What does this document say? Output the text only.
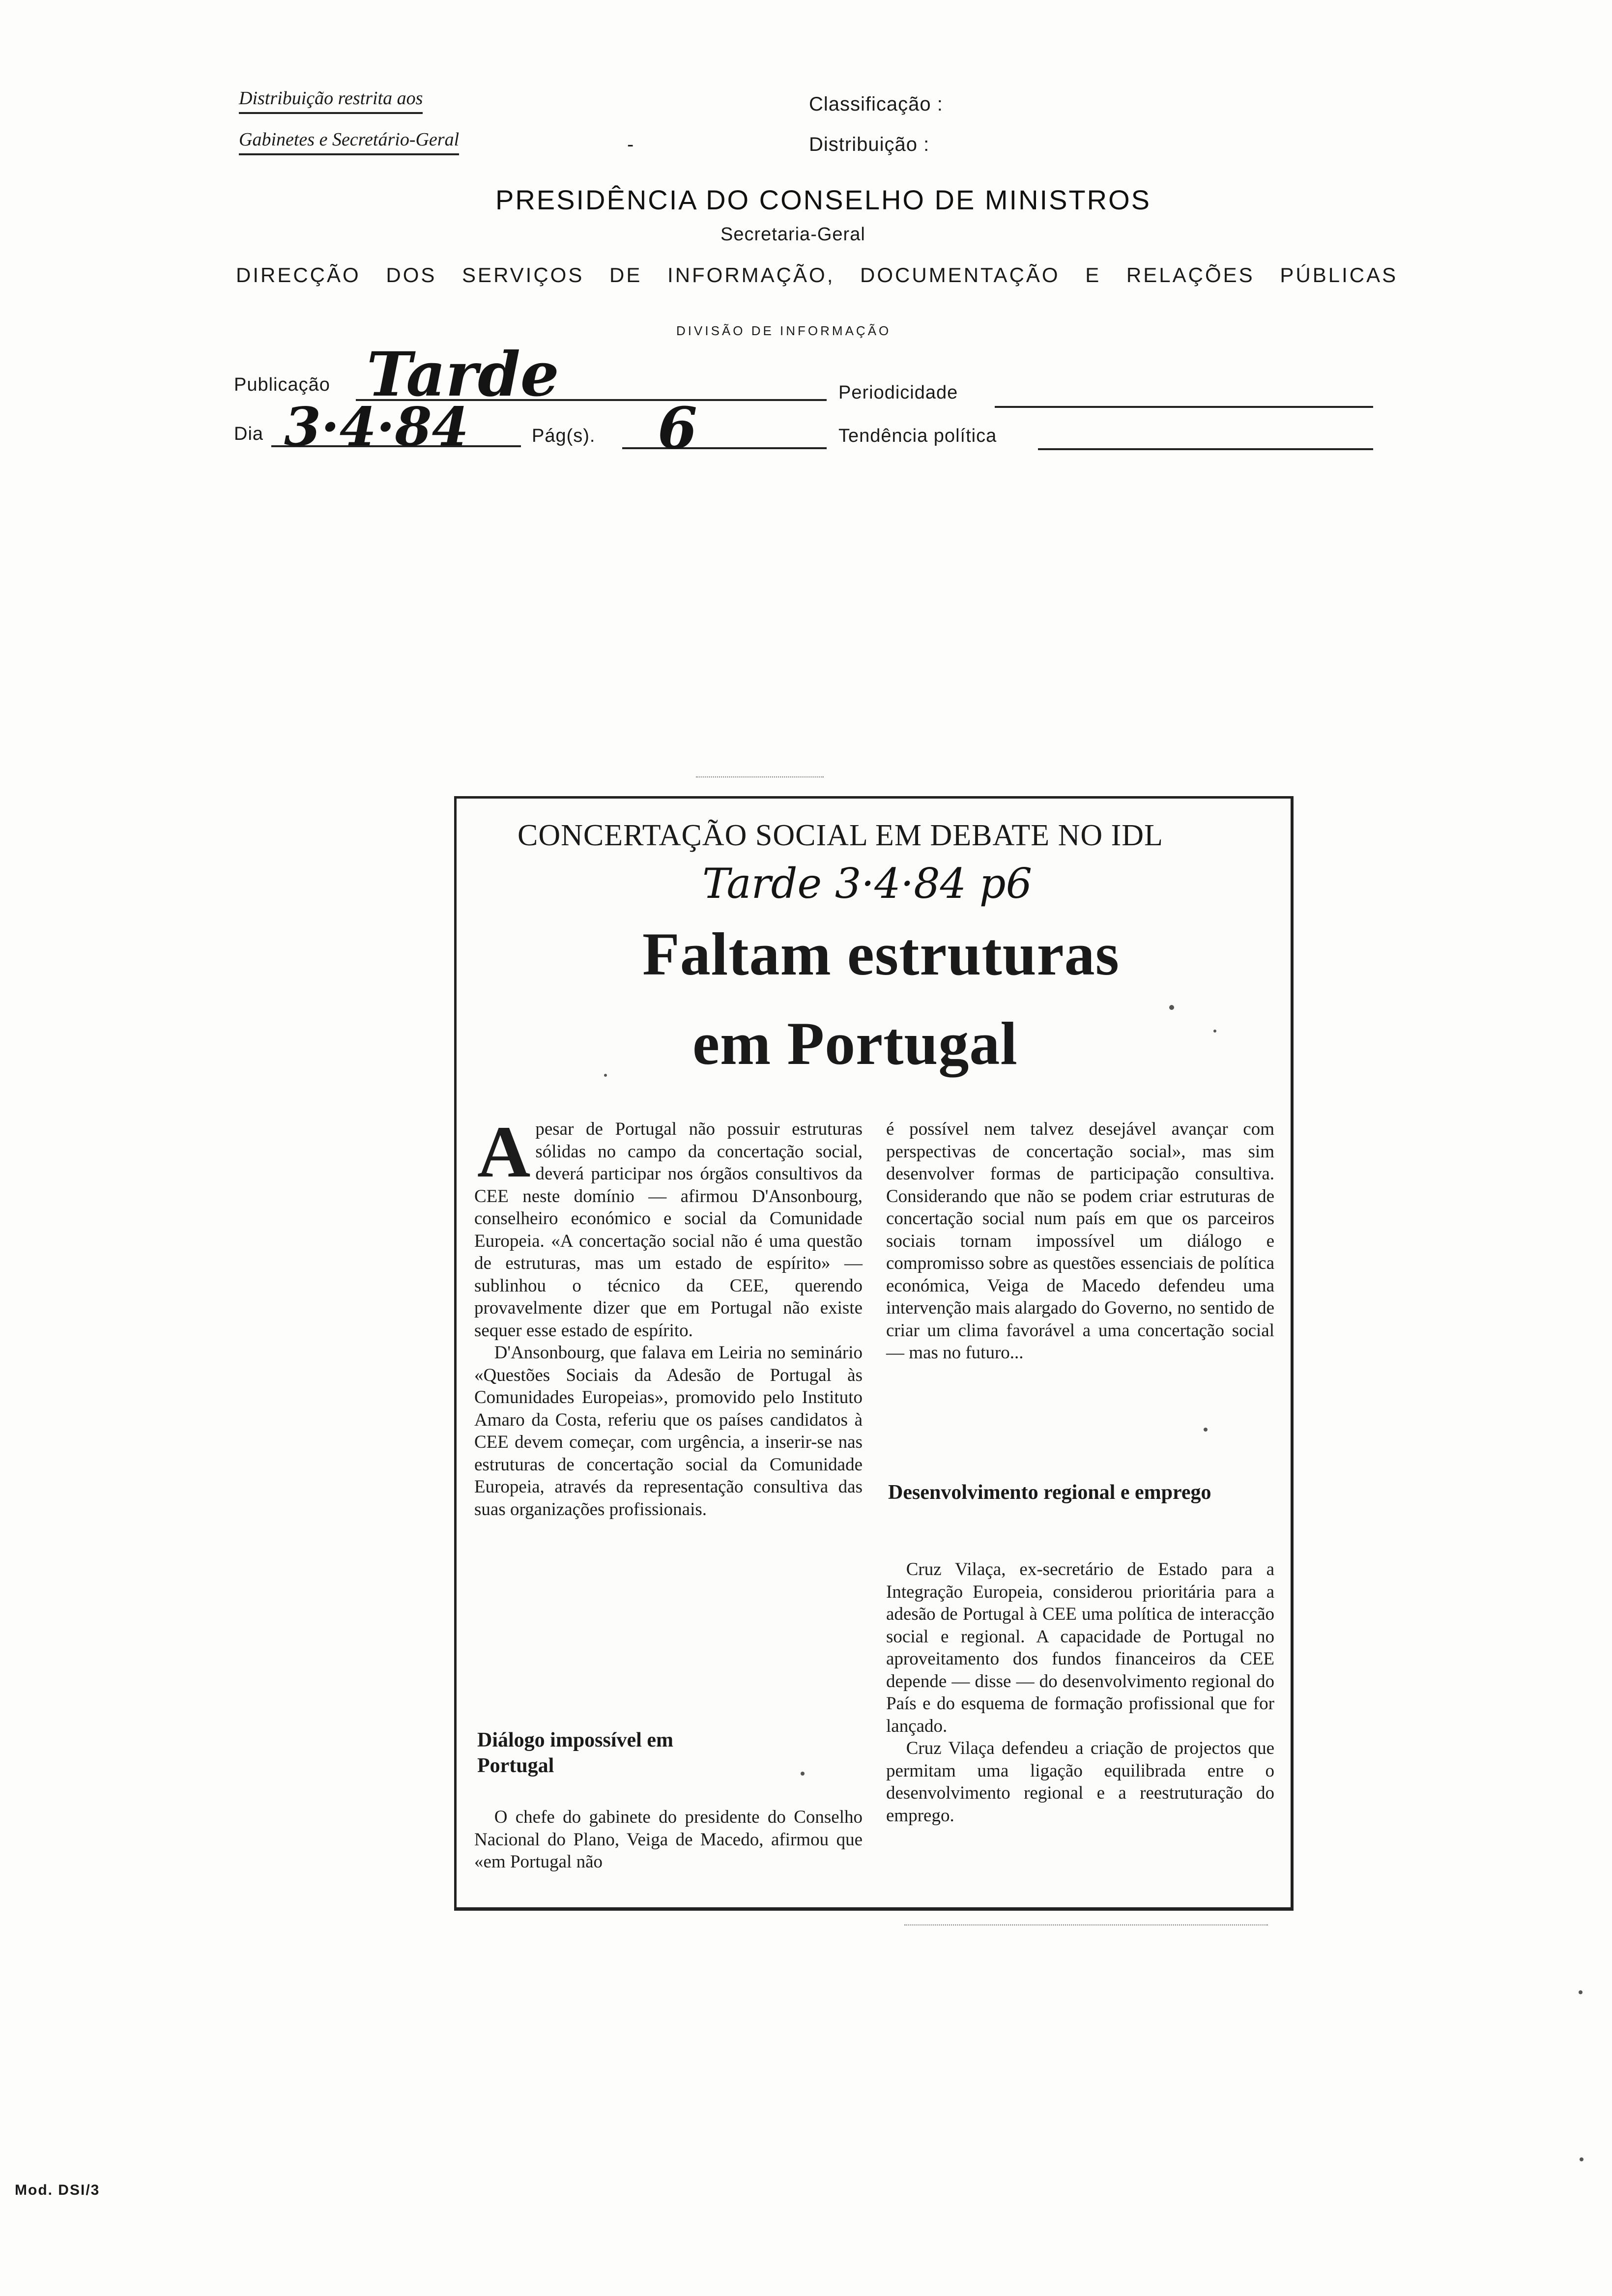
Distribuição restrita aos
Gabinetes e Secretário-Geral
Classificação :
Distribuição :
-
PRESIDÊNCIA DO CONSELHO DE MINISTROS
Secretaria-Geral
DIRECÇÃO DOS SERVIÇOS DE INFORMAÇÃO, DOCUMENTAÇÃO E RELAÇÕES PÚBLICAS
DIVISÃO DE INFORMAÇÃO
Publicação Tarde	Periodicidade
Dia 3·4·84	Pág(s). 6	Tendência política
CONCERTAÇÃO SOCIAL EM DEBATE NO IDL
Tarde 3·4·84 p6
Faltam estruturas
em Portugal

Apesar de Portugal não possuir estruturas sólidas no campo da concertação social, deverá participar nos órgãos consultivos da CEE neste domínio — afirmou D'Ansonbourg, conselheiro económico e social da Comunidade Europeia. «A concertação social não é uma questão de estruturas, mas um estado de espírito» — sublinhou o técnico da CEE, querendo provavelmente dizer que em Portugal não existe sequer esse estado de espírito.

D'Ansonbourg, que falava em Leiria no seminário «Questões Sociais da Adesão de Portugal às Comunidades Europeias», promovido pelo Instituto Amaro da Costa, referiu que os países candidatos à CEE devem começar, com urgência, a inserir-se nas estruturas de concertação social da Comunidade Europeia, através da representação consultiva das suas organizações profissionais.

Diálogo impossível em Portugal

O chefe do gabinete do presidente do Conselho Nacional do Plano, Veiga de Macedo, afirmou que «em Portugal não

é possível nem talvez desejável avançar com perspectivas de concertação social», mas sim desenvolver formas de participação consultiva. Considerando que não se podem criar estruturas de concertação social num país em que os parceiros sociais tornam impossível um diálogo e compromisso sobre as questões essenciais de política económica, Veiga de Macedo defendeu uma intervenção mais alargado do Governo, no sentido de criar um clima favorável a uma concertação social — mas no futuro...

Desenvolvimento regional e emprego

Cruz Vilaça, ex-secretário de Estado para a Integração Europeia, considerou prioritária para a adesão de Portugal à CEE uma política de interacção social e regional. A capacidade de Portugal no aproveitamento dos fundos financeiros da CEE depende — disse — do desenvolvimento regional do País e do esquema de formação profissional que for lançado.

Cruz Vilaça defendeu a criação de projectos que permitam uma ligação equilibrada entre o desenvolvimento regional e a reestruturação do emprego.

Mod. DSI/3
